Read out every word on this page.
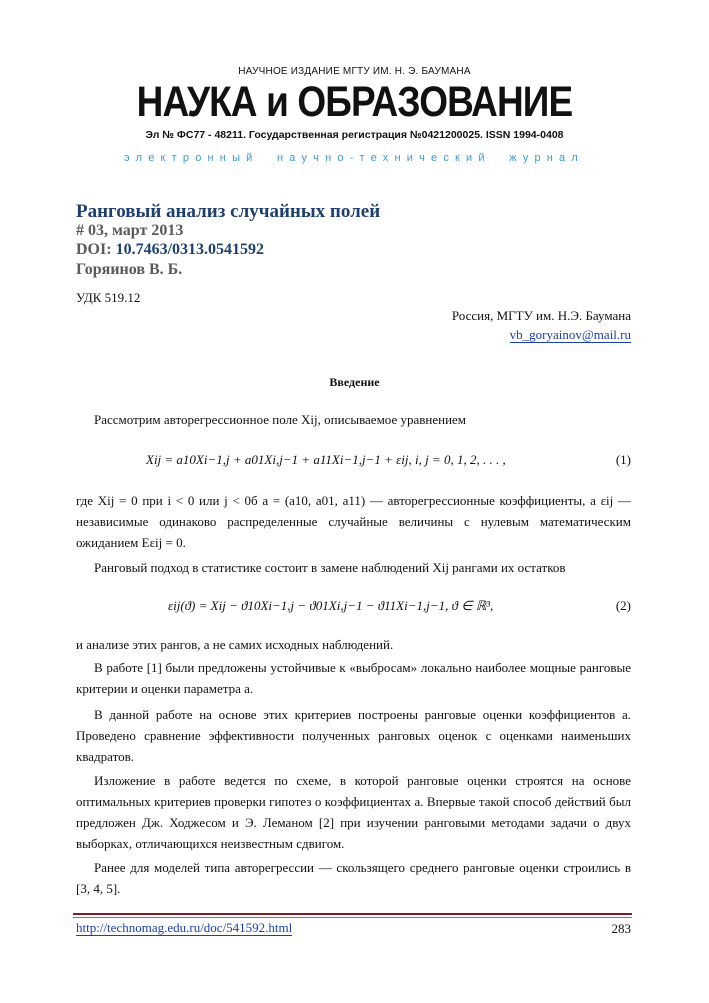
НАУЧНОЕ ИЗДАНИЕ МГТУ ИМ. Н. Э. БАУМАНА
НАУКА и ОБРАЗОВАНИЕ
Эл № ФС77 - 48211. Государственная регистрация №0421200025. ISSN 1994-0408
электронный научно-технический журнал
Ранговый анализ случайных полей
# 03, март 2013
DOI: 10.7463/0313.0541592
Горяинов В. Б.
УДК 519.12
Россия, МГТУ им. Н.Э. Баумана
vb_goryainov@mail.ru
Введение
Рассмотрим авторегрессионное поле Xij, описываемое уравнением
Xij = a10Xi−1,j + a01Xi,j−1 + a11Xi−1,j−1 + εij, i, j = 0, 1, 2, . . . ,	(1)
где Xij = 0 при i < 0 или j < 0б a = (a10, a01, a11) — авторегрессионные коэффициенты, а εij — независимые одинаково распределенные случайные величины с нулевым математическим ожиданием Eεij = 0.
Ранговый подход в статистике состоит в замене наблюдений Xij рангами их остатков
εij(ϑ) = Xij − ϑ10Xi−1,j − ϑ01Xi,j−1 − ϑ11Xi−1,j−1, ϑ ∈ ℝ³,	(2)
и анализе этих рангов, а не самих исходных наблюдений.
В работе [1] были предложены устойчивые к «выбросам» локально наиболее мощные ранговые критерии и оценки параметра a.
В данной работе на основе этих критериев построены ранговые оценки коэффициентов a. Проведено сравнение эффективности полученных ранговых оценок с оценками наименьших квадратов.
Изложение в работе ведется по схеме, в которой ранговые оценки строятся на основе оптимальных критериев проверки гипотез о коэффициентах a. Впервые такой способ действий был предложен Дж. Ходжесом и Э. Леманом [2] при изучении ранговыми методами задачи о двух выборках, отличающихся неизвестным сдвигом.
Ранее для моделей типа авторегрессии — скользящего среднего ранговые оценки строились в [3, 4, 5].
http://technomag.edu.ru/doc/541592.html	283
